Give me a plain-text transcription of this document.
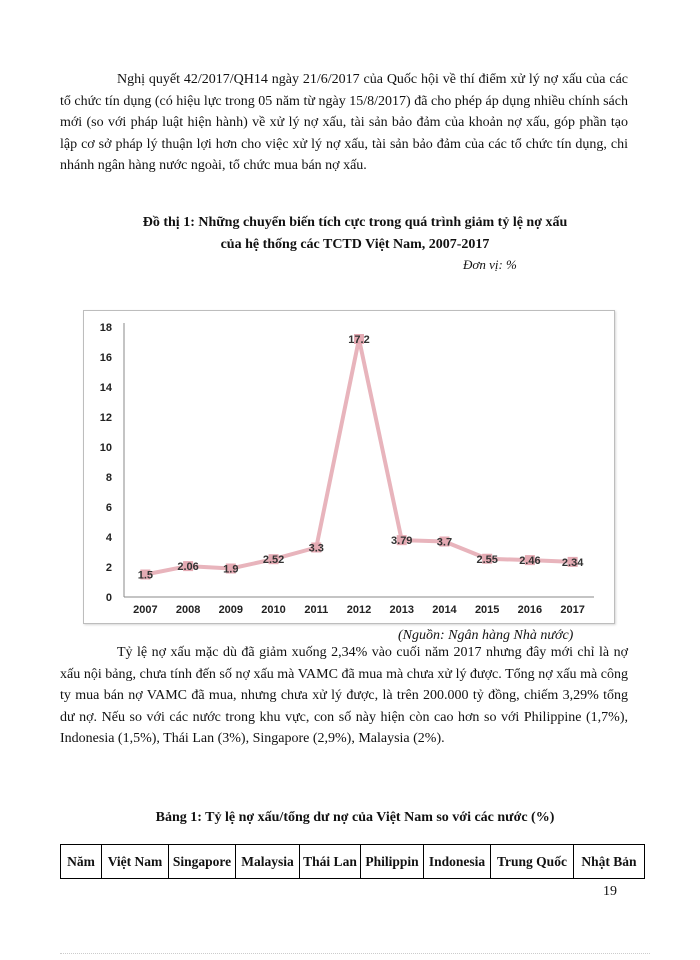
Nghị quyết 42/2017/QH14 ngày 21/6/2017 của Quốc hội về thí điểm xử lý nợ xấu của các tổ chức tín dụng (có hiệu lực trong 05 năm từ ngày 15/8/2017) đã cho phép áp dụng nhiều chính sách mới (so với pháp luật hiện hành) về xử lý nợ xấu, tài sản bảo đảm của khoản nợ xấu, góp phần tạo lập cơ sở pháp lý thuận lợi hơn cho việc xử lý nợ xấu, tài sản bảo đảm của các tổ chức tín dụng, chi nhánh ngân hàng nước ngoài, tổ chức mua bán nợ xấu.

Đồ thị 1: Những chuyển biến tích cực trong quá trình giảm tỷ lệ nợ xấu

của hệ thống các TCTD Việt Nam, 2007-2017

Đơn vị: %
0
2
4
6
8
10
12
14
16
18
2007 2008 2009 2010 2011 2012 2013 2014 2015 2016 2017
1.5
2.06 1.9
2.52
3.3
17.2
3.79 3.7
2.55 2.46 2.34
(Nguồn: Ngân hàng Nhà nước)

Tỷ lệ nợ xấu mặc dù đã giảm xuống 2,34% vào cuối năm 2017 nhưng đây mới chỉ là nợ xấu nội bảng, chưa tính đến số nợ xấu mà VAMC đã mua mà chưa xử lý được. Tổng nợ xấu mà công ty mua bán nợ VAMC đã mua, nhưng chưa xử lý được, là trên 200.000 tỷ đồng, chiếm 3,29% tổng dư nợ. Nếu so với các nước trong khu vực, con số này hiện còn cao hơn so với Philippine (1,7%), Indonesia (1,5%), Thái Lan (3%), Singapore (2,9%), Malaysia (2%).

Bảng 1: Tỷ lệ nợ xấu/tổng dư nợ của Việt Nam so với các nước (%)

Năm	Việt Nam	Singapore	Malaysia	Thái Lan	Philippin	Indonesia	Trung Quốc	Nhật Bản
19
